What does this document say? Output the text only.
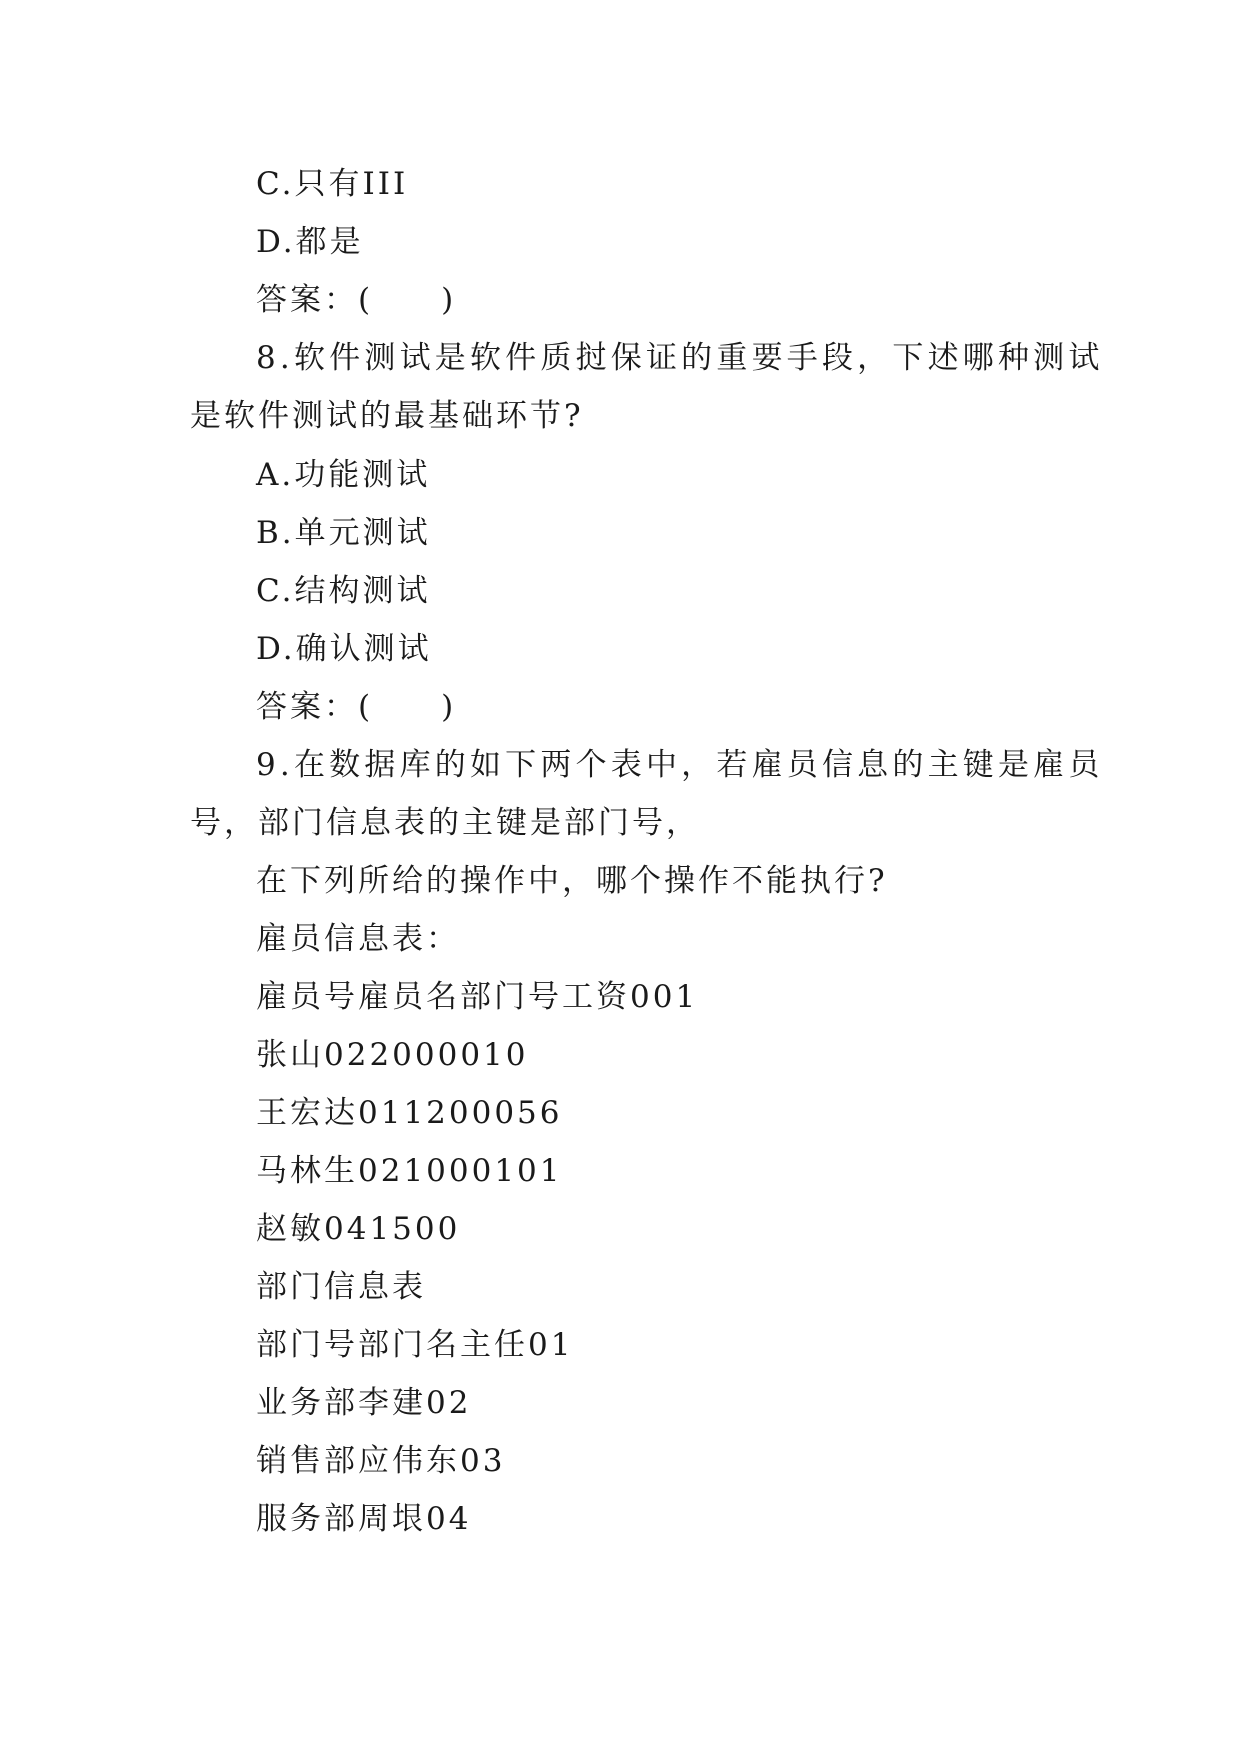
C.只有III
D.都是
答案：(　　)
8.软件测试是软件质挝保证的重要手段，下述哪种测试
是软件测试的最基础环节?
A.功能测试
B.单元测试
C.结构测试
D.确认测试
答案：(　　)
9.在数据库的如下两个表中，若雇员信息的主键是雇员
号，部门信息表的主键是部门号，
在下列所给的操作中，哪个操作不能执行?
雇员信息表：
雇员号雇员名部门号工资001
张山022000010
王宏达011200056
马林生021000101
赵敏041500
部门信息表
部门号部门名主任01
业务部李建02
销售部应伟东03
服务部周垠04
